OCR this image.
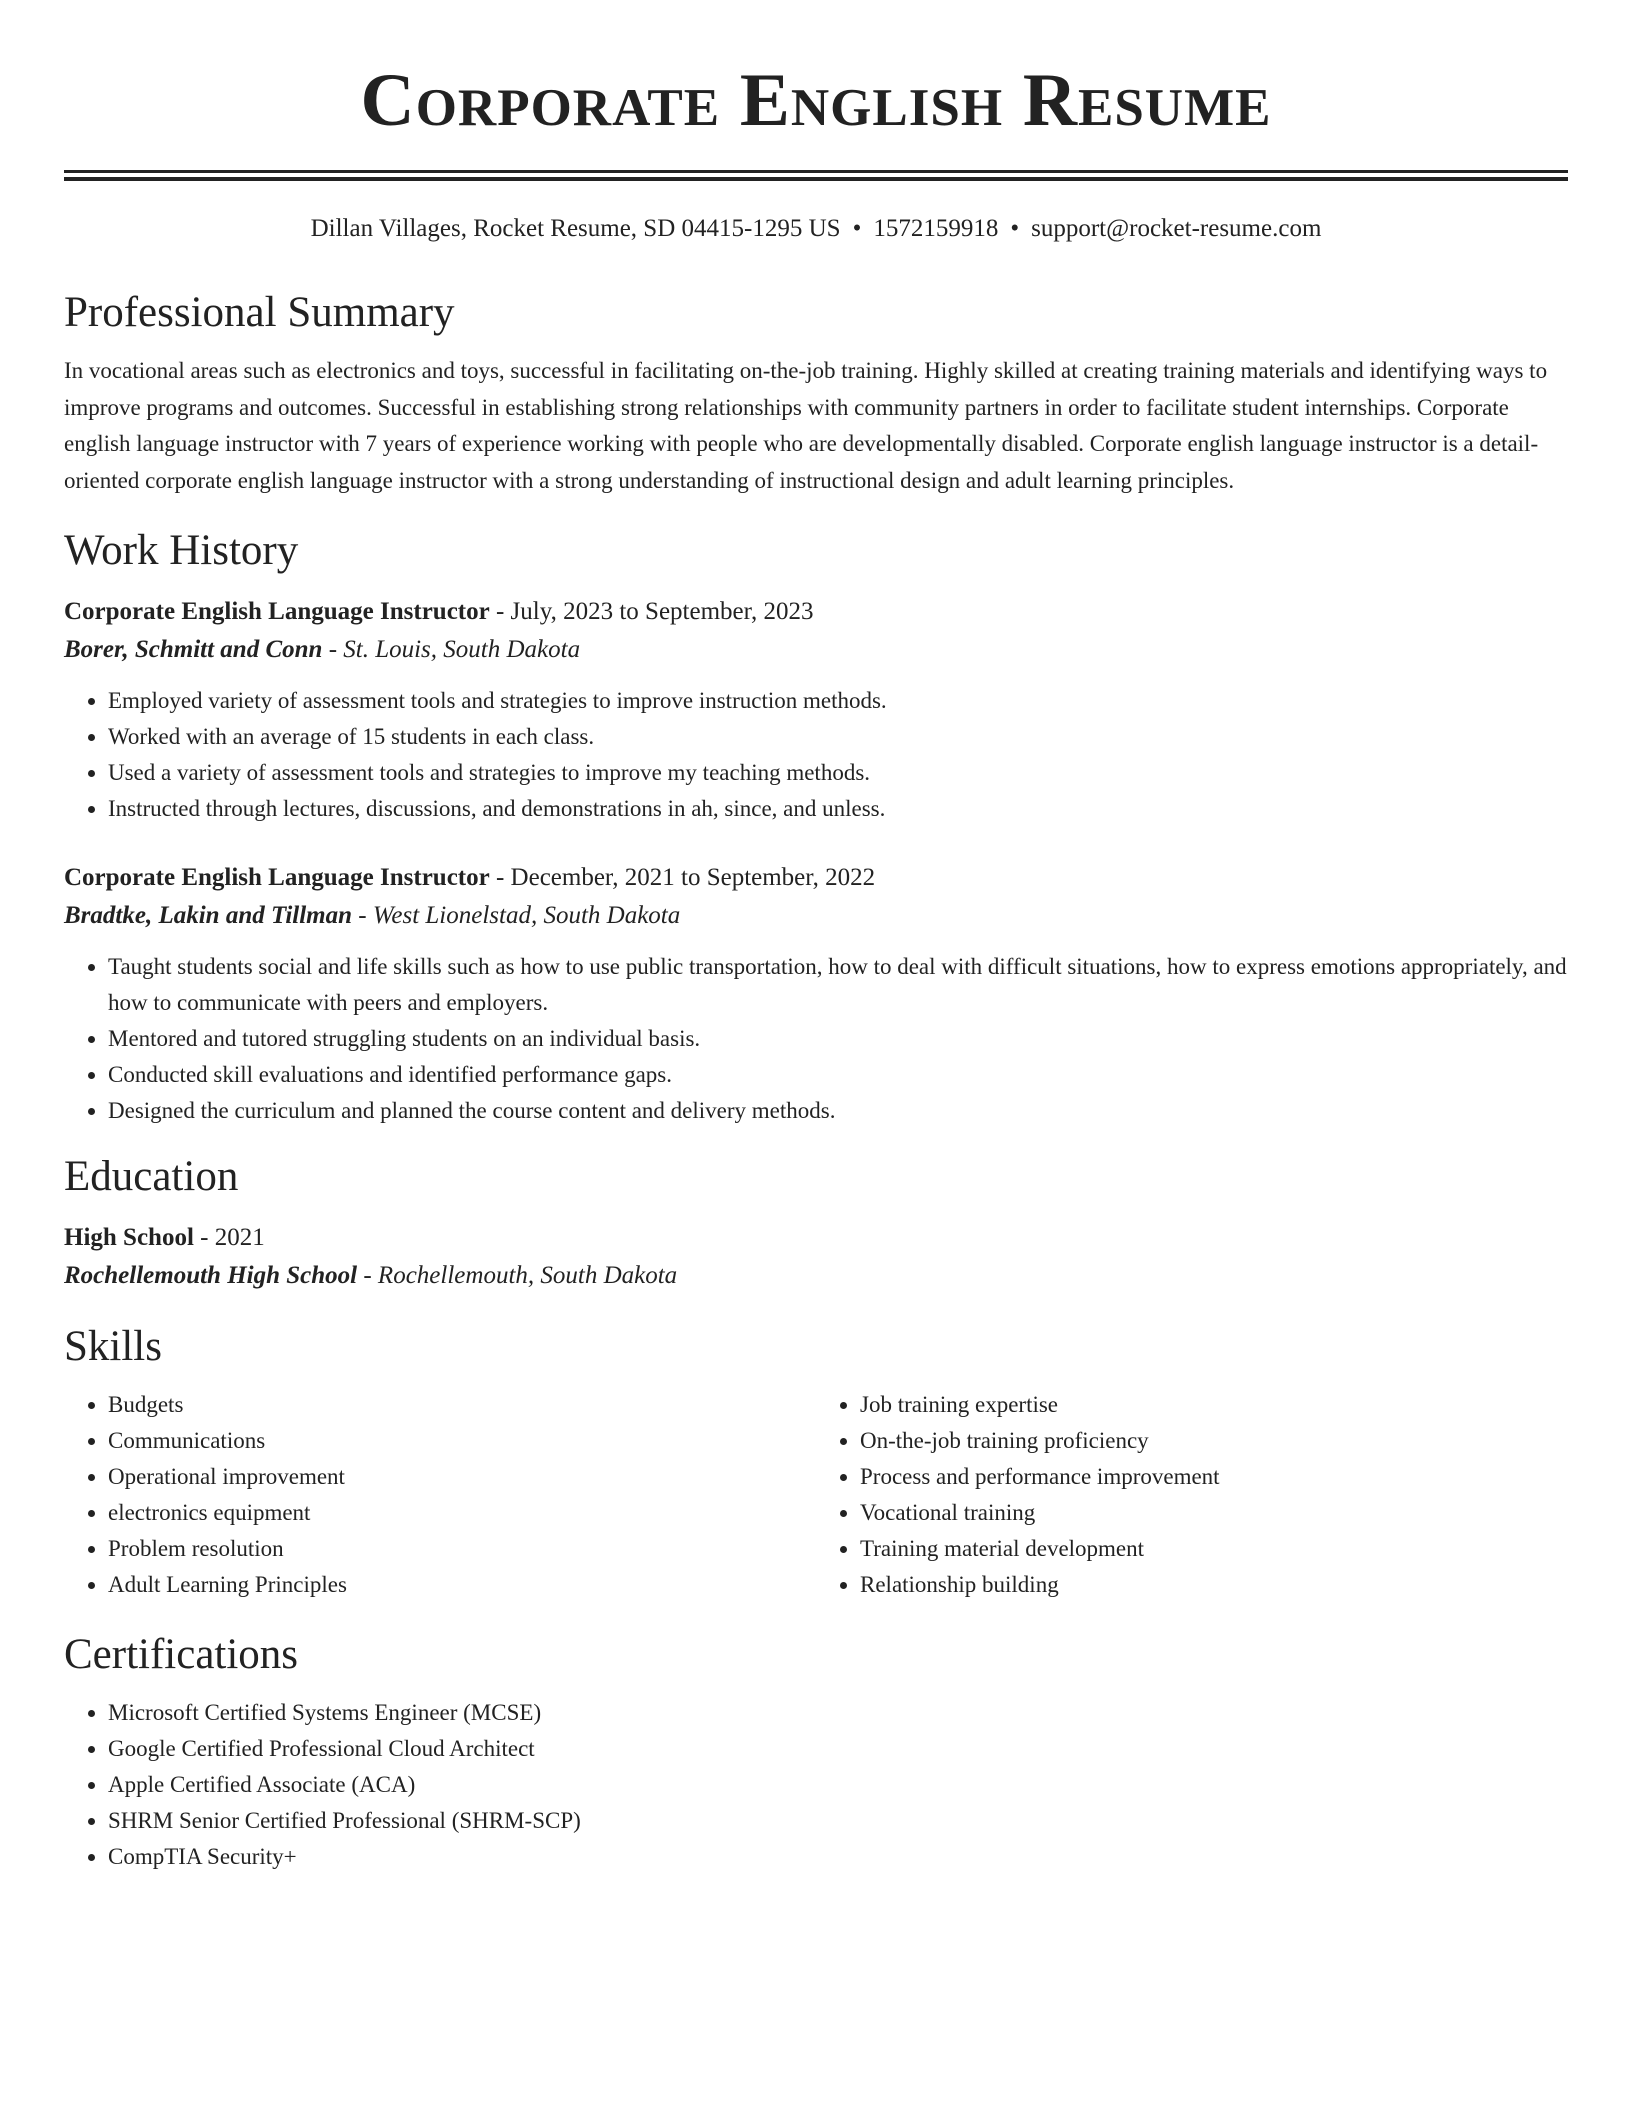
Corporate English Resume
Dillan Villages, Rocket Resume, SD 04415-1295 US • 1572159918 • support@rocket-resume.com
Professional Summary

In vocational areas such as electronics and toys, successful in facilitating on-the-job training. Highly skilled at creating training materials and identifying ways to improve programs and outcomes. Successful in establishing strong relationships with community partners in order to facilitate student internships. Corporate english language instructor with 7 years of experience working with people who are developmentally disabled. Corporate english language instructor is a detail-oriented corporate english language instructor with a strong understanding of instructional design and adult learning principles.

Work History
Corporate English Language Instructor - July, 2023 to September, 2023
Borer, Schmitt and Conn - St. Louis, South Dakota
• Employed variety of assessment tools and strategies to improve instruction methods.
• Worked with an average of 15 students in each class.
• Used a variety of assessment tools and strategies to improve my teaching methods.
• Instructed through lectures, discussions, and demonstrations in ah, since, and unless.
Corporate English Language Instructor - December, 2021 to September, 2022
Bradtke, Lakin and Tillman - West Lionelstad, South Dakota
• Taught students social and life skills such as how to use public transportation, how to deal with difficult situations, how to express emotions appropriately, and how to communicate with peers and employers.
• Mentored and tutored struggling students on an individual basis.
• Conducted skill evaluations and identified performance gaps.
• Designed the curriculum and planned the course content and delivery methods.
Education
High School - 2021
Rochellemouth High School - Rochellemouth, South Dakota
Skills
• Budgets
• Communications
• Operational improvement
• electronics equipment
• Problem resolution
• Adult Learning Principles
• Job training expertise
• On-the-job training proficiency
• Process and performance improvement
• Vocational training
• Training material development
• Relationship building
Certifications
• Microsoft Certified Systems Engineer (MCSE)
• Google Certified Professional Cloud Architect
• Apple Certified Associate (ACA)
• SHRM Senior Certified Professional (SHRM-SCP)
• CompTIA Security+
